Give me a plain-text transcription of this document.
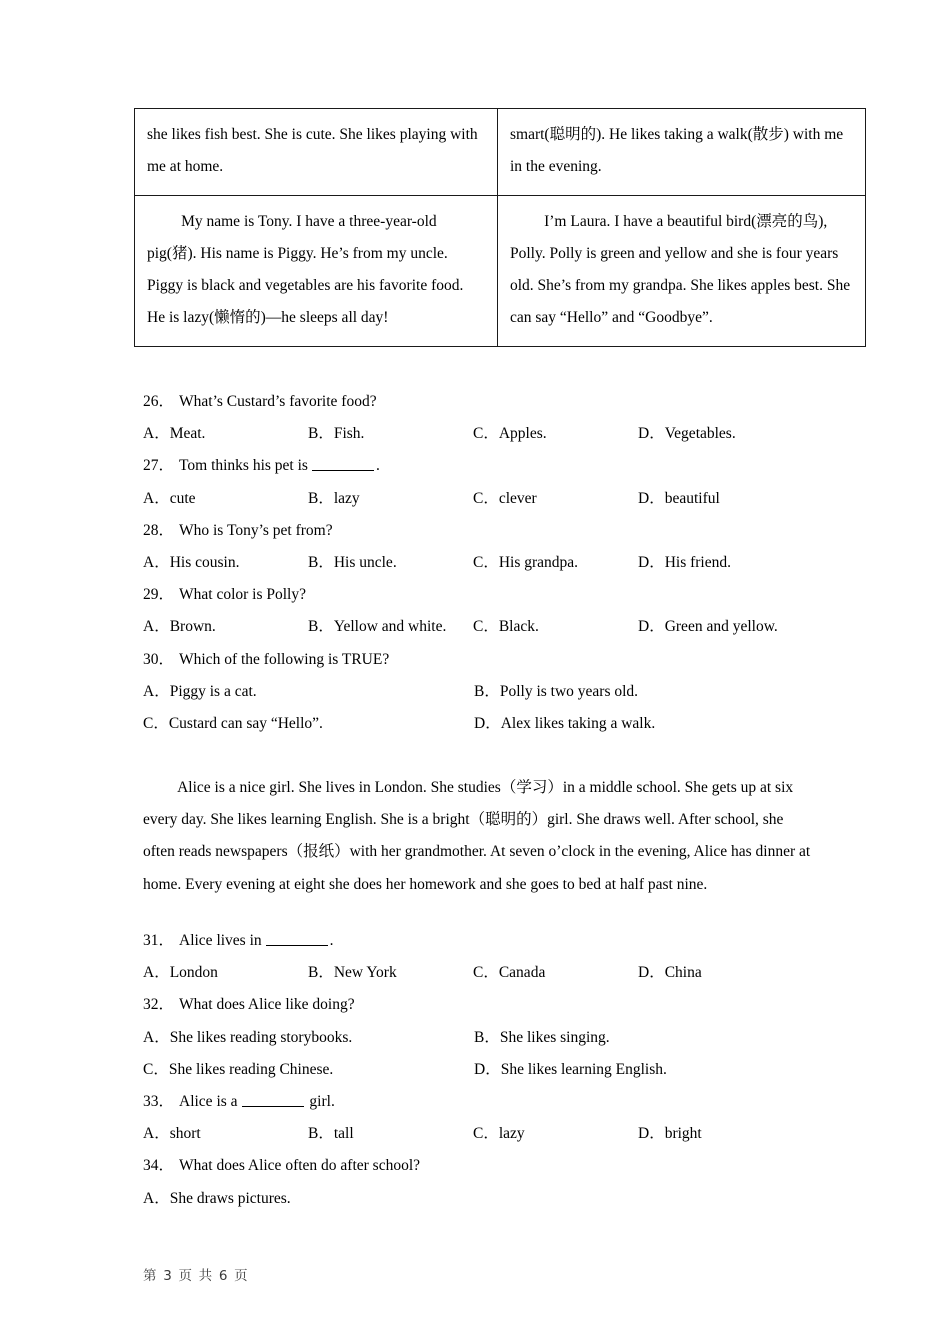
she likes fish best. She is cute. She likes playing with me at home.	smart(聪明的). He likes taking a walk(散步) with me in the evening.

My name is Tony. I have a three-year-old pig(猪). His name is Piggy. He’s from my uncle. Piggy is black and vegetables are his favorite food. He is lazy(懒惰的)—he sleeps all day!	I’m Laura. I have a beautiful bird(漂亮的鸟), Polly. Polly is green and yellow and she is four years old. She’s from my grandpa. She likes apples best. She can say “Hello” and “Goodbye”.
26． What’s Custard’s favorite food?
A．Meat.	B．Fish.	C．Apples.	D．Vegetables.
27． Tom thinks his pet is	.
A．cute	B．lazy	C．clever	D．beautiful
28． Who is Tony’s pet from?
A．His cousin.	B．His uncle.	C．His grandpa.	D．His friend.
29． What color is Polly?
A．Brown.	B．Yellow and white.	C．Black.	D．Green and yellow.
30． Which of the following is TRUE?
A．Piggy is a cat.	B．Polly is two years old.
C．Custard can say “Hello”.	D．Alex likes taking a walk.
Alice is a nice girl. She lives in London. She studies（学习）in a middle school. She gets up at six every day. She likes learning English. She is a bright（聪明的）girl. She draws well. After school, she often reads newspapers（报纸）with her grandmother. At seven o’clock in the evening, Alice has dinner at home. Every evening at eight she does her homework and she goes to bed at half past nine.
31． Alice lives in	.
A．London	B．New York	C．Canada	D．China
32． What does Alice like doing?
A．She likes reading storybooks.	B．She likes singing.
C．She likes reading Chinese.	D．She likes learning English.
33． Alice is a	girl.
A．short	B．tall	C．lazy	D．bright
34． What does Alice often do after school?
A．She draws pictures.
第 3 页 共 6 页
